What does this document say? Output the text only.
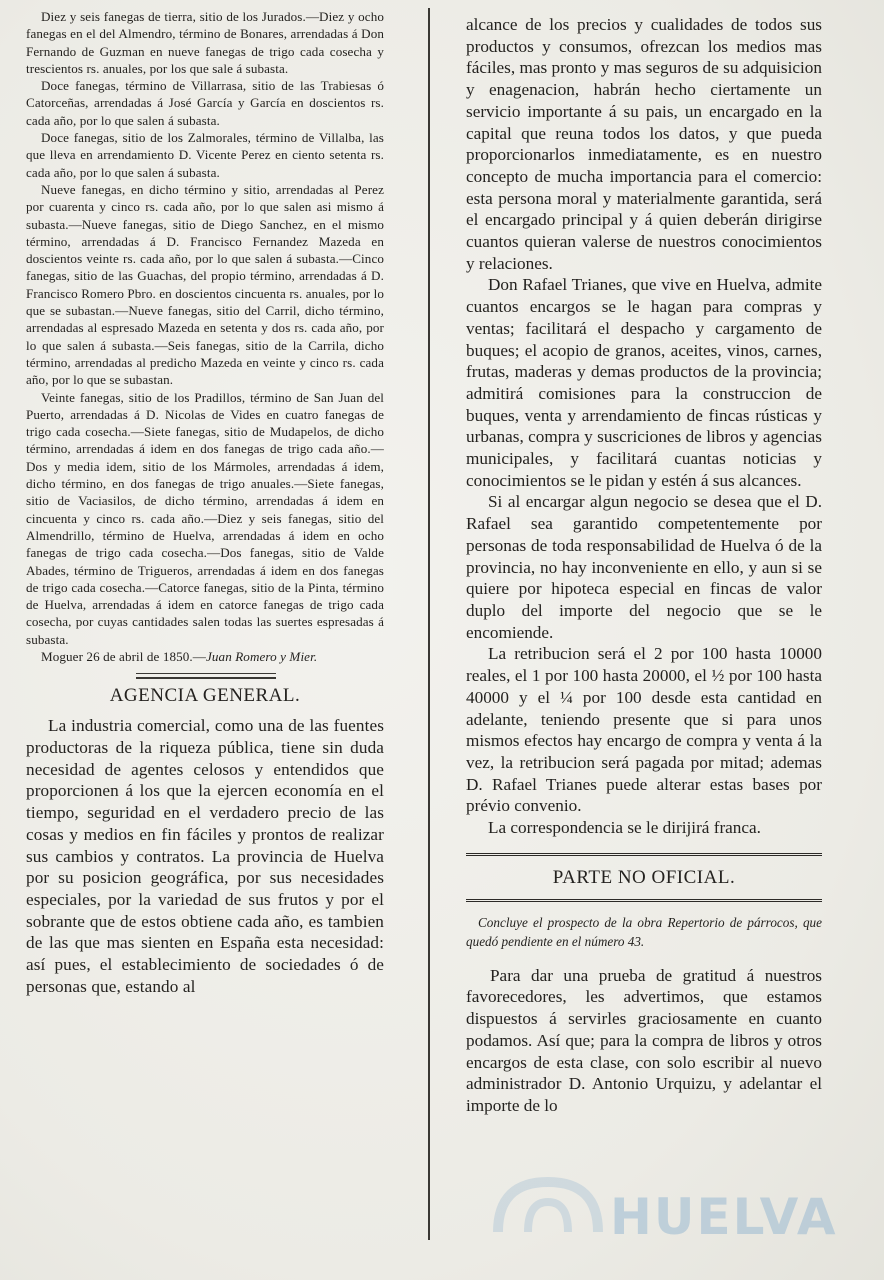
Diez y seis fanegas de tierra, sitio de los Jurados.—Diez y ocho fanegas en el del Almendro, término de Bonares, arrendadas á Don Fernando de Guzman en nueve fanegas de trigo cada cosecha y trescientos rs. anuales, por los que sale á subasta.

Doce fanegas, término de Villarrasa, sitio de las Trabiesas ó Catorceñas, arrendadas á José García y García en doscientos rs. cada año, por lo que salen á subasta.

Doce fanegas, sitio de los Zalmorales, término de Villalba, las que lleva en arrendamiento D. Vicente Perez en ciento setenta rs. cada año, por lo que salen á subasta.

Nueve fanegas, en dicho término y sitio, arrendadas al Perez por cuarenta y cinco rs. cada año, por lo que salen asi mismo á subasta.—Nueve fanegas, sitio de Diego Sanchez, en el mismo término, arrendadas á D. Francisco Fernandez Mazeda en doscientos veinte rs. cada año, por lo que salen á subasta.—Cinco fanegas, sitio de las Guachas, del propio término, arrendadas á D. Francisco Romero Pbro. en doscientos cincuenta rs. anuales, por lo que se subastan.—Nueve fanegas, sitio del Carril, dicho término, arrendadas al espresado Mazeda en setenta y dos rs. cada año, por lo que salen á subasta.—Seis fanegas, sitio de la Carrila, dicho término, arrendadas al predicho Mazeda en veinte y cinco rs. cada año, por lo que se subastan.

Veinte fanegas, sitio de los Pradillos, término de San Juan del Puerto, arrendadas á D. Nicolas de Vides en cuatro fanegas de trigo cada cosecha.—Siete fanegas, sitio de Mudapelos, de dicho término, arrendadas á idem en dos fanegas de trigo cada año.—Dos y media idem, sitio de los Mármoles, arrendadas á idem, dicho término, en dos fanegas de trigo anuales.—Siete fanegas, sitio de Vaciasilos, de dicho término, arrendadas á idem en cincuenta y cinco rs. cada año.—Diez y seis fanegas, sitio del Almendrillo, término de Huelva, arrendadas á idem en ocho fanegas de trigo cada cosecha.—Dos fanegas, sitio de Valde Abades, término de Trigueros, arrendadas á idem en dos fanegas de trigo cada cosecha.—Catorce fanegas, sitio de la Pinta, término de Huelva, arrendadas á idem en catorce fanegas de trigo cada cosecha, por cuyas cantidades salen todas las suertes espresadas á subasta.

Moguer 26 de abril de 1850.—Juan Romero y Mier.

AGENCIA GENERAL.

La industria comercial, como una de las fuentes productoras de la riqueza pública, tiene sin duda necesidad de agentes celosos y entendidos que proporcionen á los que la ejercen economía en el tiempo, seguridad en el verdadero precio de las cosas y medios en fin fáciles y prontos de realizar sus cambios y contratos. La provincia de Huelva por su posicion geográfica, por sus necesidades especiales, por la variedad de sus frutos y por el sobrante que de estos obtiene cada año, es tambien de las que mas sienten en España esta necesidad: así pues, el establecimiento de sociedades ó de personas que, estando al

alcance de los precios y cualidades de todos sus productos y consumos, ofrezcan los medios mas fáciles, mas pronto y mas seguros de su adquisicion y enagenacion, habrán hecho ciertamente un servicio importante á su pais, un encargado en la capital que reuna todos los datos, y que pueda proporcionarlos inmediatamente, es en nuestro concepto de mucha importancia para el comercio: esta persona moral y materialmente garantida, será el encargado principal y á quien deberán dirigirse cuantos quieran valerse de nuestros conocimientos y relaciones.

Don Rafael Trianes, que vive en Huelva, admite cuantos encargos se le hagan para compras y ventas; facilitará el despacho y cargamento de buques; el acopio de granos, aceites, vinos, carnes, frutas, maderas y demas productos de la provincia; admitirá comisiones para la construccion de buques, venta y arrendamiento de fincas rústicas y urbanas, compra y suscriciones de libros y agencias municipales, y facilitará cuantas noticias y conocimientos se le pidan y estén á sus alcances.

Si al encargar algun negocio se desea que el D. Rafael sea garantido competentemente por personas de toda responsabilidad de Huelva ó de la provincia, no hay inconveniente en ello, y aun si se quiere por hipoteca especial en fincas de valor duplo del importe del negocio que se le encomiende.

La retribucion será el 2 por 100 hasta 10000 reales, el 1 por 100 hasta 20000, el ½ por 100 hasta 40000 y el ¼ por 100 desde esta cantidad en adelante, teniendo presente que si para unos mismos efectos hay encargo de compra y venta á la vez, la retribucion será pagada por mitad; ademas D. Rafael Trianes puede alterar estas bases por prévio convenio.

La correspondencia se le dirijirá franca.

PARTE NO OFICIAL.
Concluye el prospecto de la obra Repertorio de párrocos, que quedó pendiente en el número 43.

Para dar una prueba de gratitud á nuestros favorecedores, les advertimos, que estamos dispuestos á servirles graciosamente en cuanto podamos. Así que; para la compra de libros y otros encargos de esta clase, con solo escribir al nuevo administrador D. Antonio Urquizu, y adelantar el importe de lo

HUELVA
